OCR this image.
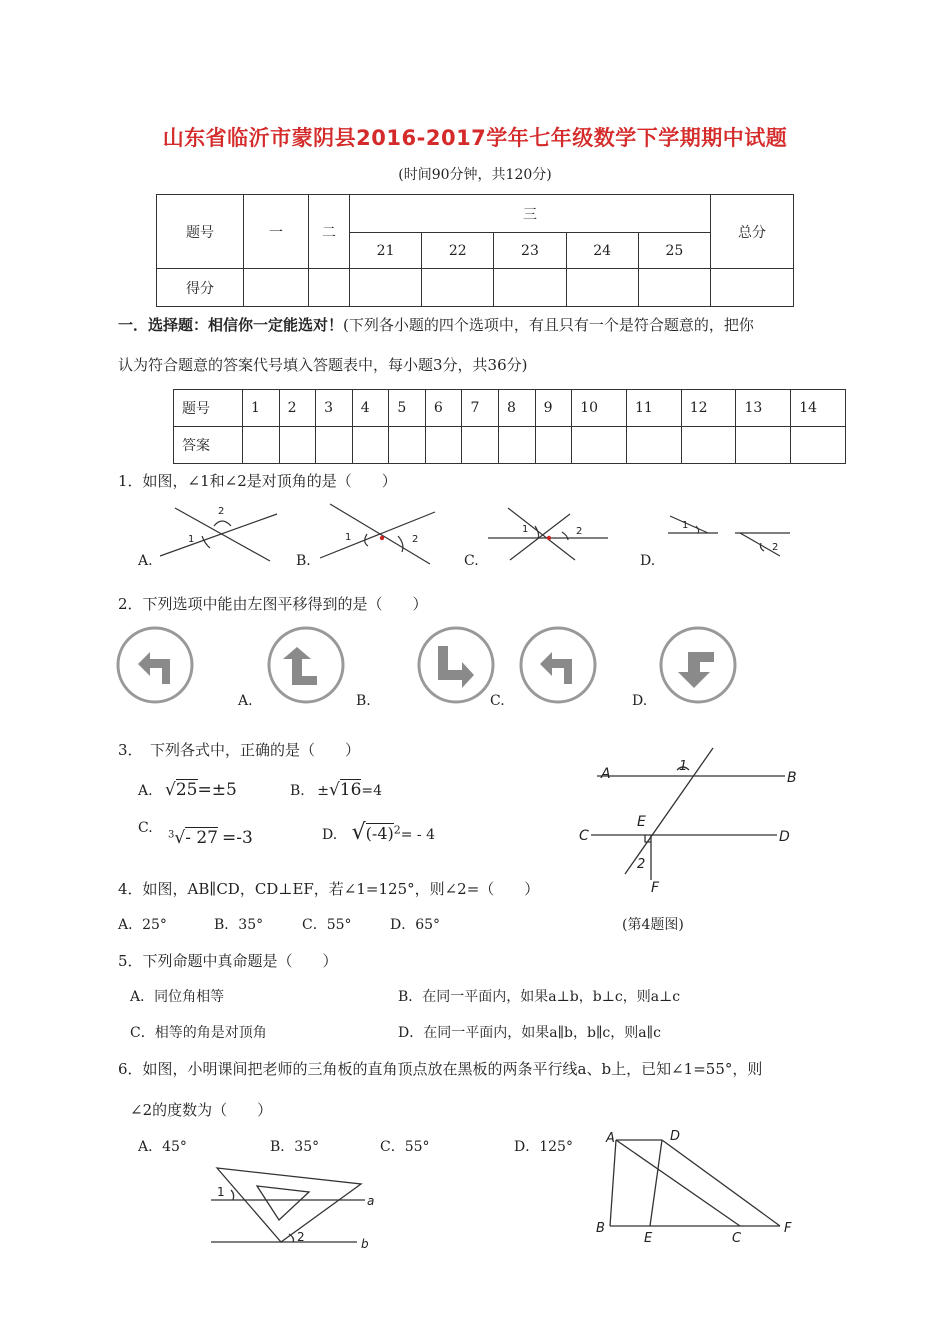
山东省临沂市蒙阴县2016-2017学年七年级数学下学期期中试题
(时间90分钟，共120分)
题号	一	二	三					总分
			21	22	23	24	25	
得分								
一．选择题：相信你一定能选对！(下列各小题的四个选项中，有且只有一个是符合题意的，把你
认为符合题意的答案代号填入答题表中，每小题3分，共36分)
题号	1	2	3	4	5	6	7	8	9	10	11	12	13	14
答案														
1．如图，∠1和∠2是对顶角的是（　　）
1
2
1	2
1	2
1
2
A.	B.	C.	D.
2．下列选项中能由左图平移得到的是（　　）
A.	B.	C.	D.
3．　下列各式中，正确的是（　　）
A. √25=±5	B. ±√16=4
C. $^3$√- 27 =-3	D. $√(-4)^2= - 4$
A	B
C	D
E
F
1
2
4．如图，AB∥CD，CD⊥EF，若∠1=125°，则∠2=（　　）
A．25°	B．35°	C．55°	D．65°	(第4题图)
5．下列命题中真命题是（　　）
A．同位角相等	B．在同一平面内，如果a⊥b，b⊥c，则a⊥c
C．相等的角是对顶角	D．在同一平面内，如果a∥b，b∥c，则a∥c
6．如图，小明课间把老师的三角板的直角顶点放在黑板的两条平行线a、b上，已知∠1=55°，则
∠2的度数为（　　）
A．45°	B．35°	C．55°	D．125°
1
2
a
b
A	D
B
E	C
F
